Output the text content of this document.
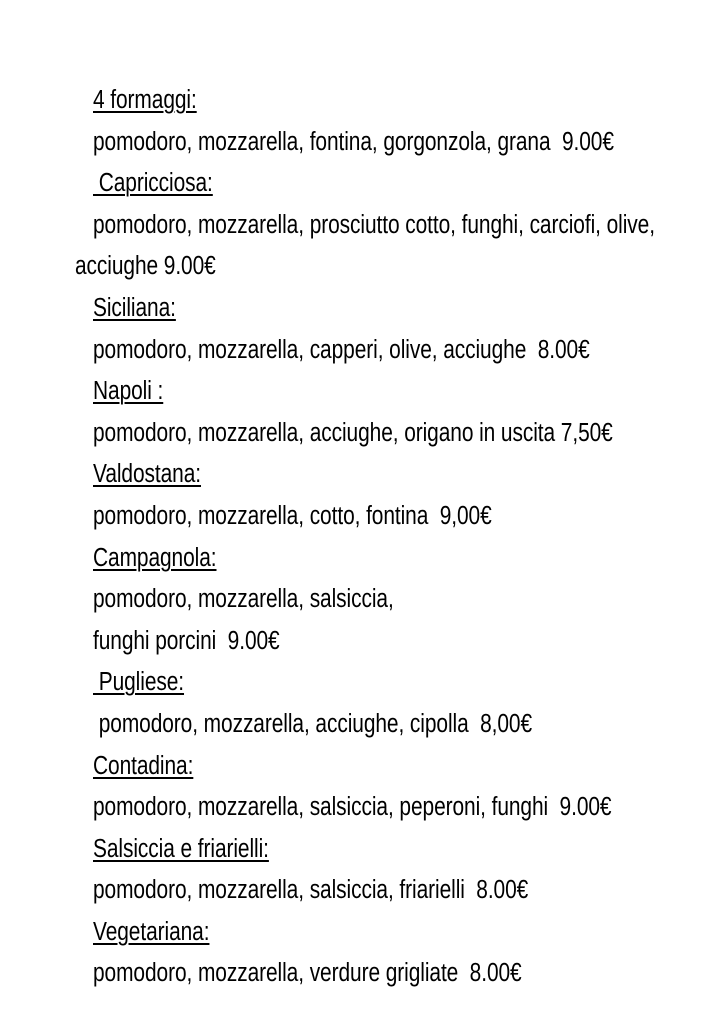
4 formaggi:
pomodoro, mozzarella, fontina, gorgonzola, grana  9.00€
Capricciosa:
pomodoro, mozzarella, prosciutto cotto, funghi, carciofi, olive,
acciughe 9.00€
Siciliana:
pomodoro, mozzarella, capperi, olive, acciughe  8.00€
Napoli :
pomodoro, mozzarella, acciughe, origano in uscita 7,50€
Valdostana:
pomodoro, mozzarella, cotto, fontina  9,00€
Campagnola:
pomodoro, mozzarella, salsiccia,
funghi porcini  9.00€
Pugliese:
pomodoro, mozzarella, acciughe, cipolla  8,00€
Contadina:
pomodoro, mozzarella, salsiccia, peperoni, funghi  9.00€
Salsiccia e friarielli:
pomodoro, mozzarella, salsiccia, friarielli  8.00€
Vegetariana:
pomodoro, mozzarella, verdure grigliate  8.00€
